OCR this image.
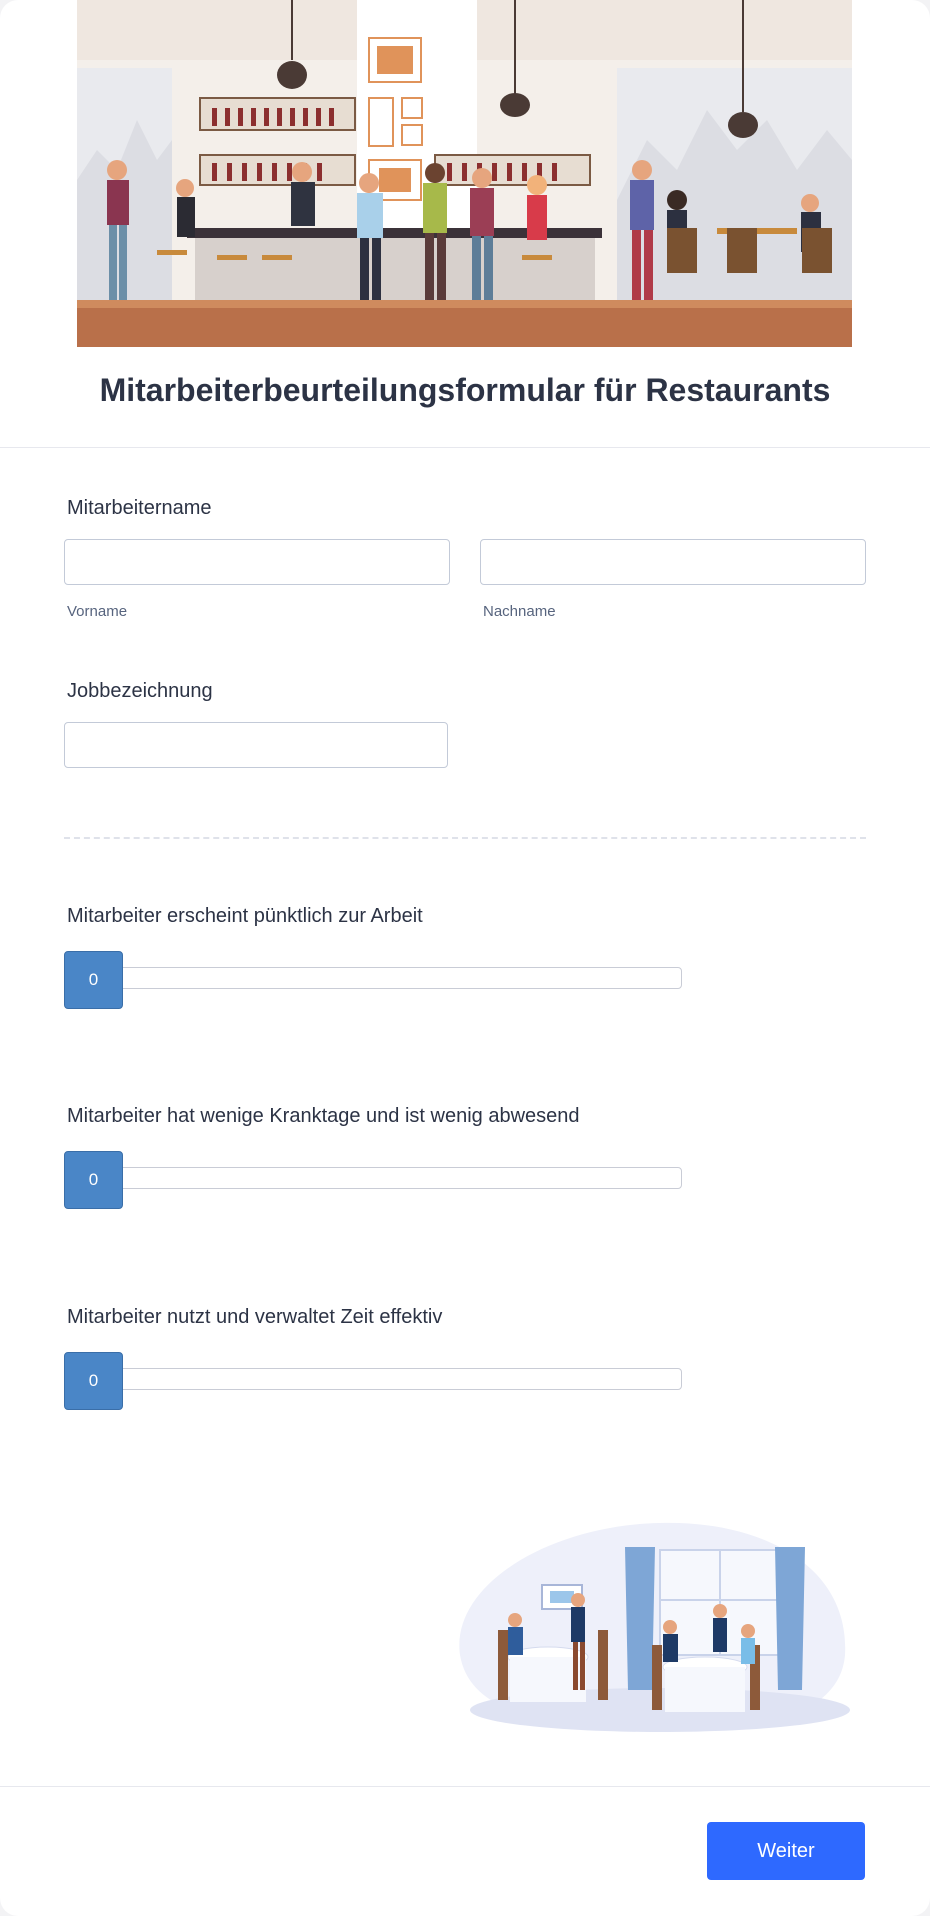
Mitarbeiterbeurteilungsformular für Restaurants
Mitarbeitername
Vorname	Nachname
Jobbezeichnung
Mitarbeiter erscheint pünktlich zur Arbeit
0
Mitarbeiter hat wenige Kranktage und ist wenig abwesend
0
Mitarbeiter nutzt und verwaltet Zeit effektiv
0
Weiter
